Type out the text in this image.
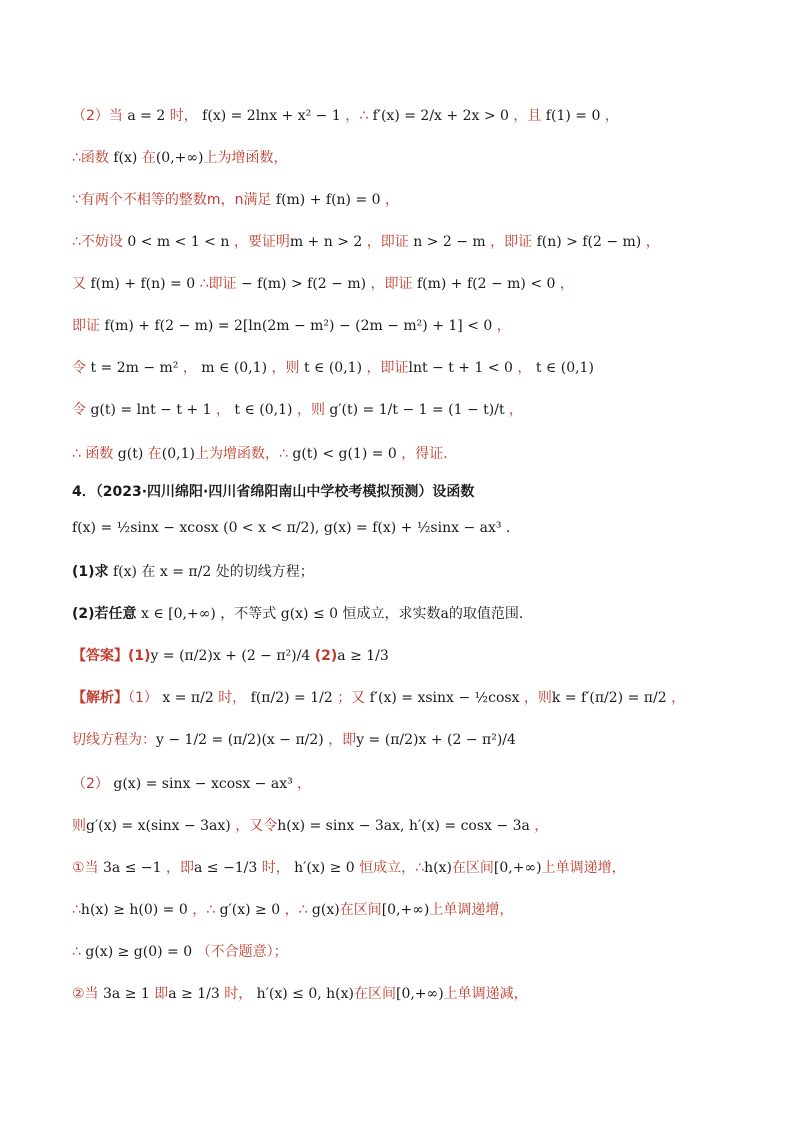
（2）当 a = 2 时， f(x) = 2lnx + x² − 1 ，∴ f′(x) = 2/x + 2x > 0 ，且 f(1) = 0 ，
∴函数 f(x) 在(0,+∞)上为增函数，
∵有两个不相等的整数m，n满足 f(m) + f(n) = 0 ，
∴不妨设 0 < m < 1 < n ，要证明m + n > 2 ，即证 n > 2 − m ，即证 f(n) > f(2 − m) ，
又 f(m) + f(n) = 0 ∴即证 − f(m) > f(2 − m) ，即证 f(m) + f(2 − m) < 0 ，
即证 f(m) + f(2 − m) = 2[ln(2m − m²) − (2m − m²) + 1] < 0 ，
令 t = 2m − m² ， m ∈ (0,1) ，则 t ∈ (0,1) ，即证lnt − t + 1 < 0 ， t ∈ (0,1)
令 g(t) = lnt − t + 1 ， t ∈ (0,1) ，则 g′(t) = 1/t − 1 = (1 − t)/t ，
∴ 函数 g(t) 在(0,1)上为增函数，∴ g(t) < g(1) = 0 ，得证．
4．（2023·四川绵阳·四川省绵阳南山中学校考模拟预测）设函数
f(x) = ½sinx − xcosx (0 < x < π/2), g(x) = f(x) + ½sinx − ax³ ．
(1)求 f(x) 在 x = π/2 处的切线方程；
(2)若任意 x ∈ [0,+∞) ，不等式 g(x) ≤ 0 恒成立，求实数a的取值范围．
【答案】(1)y = (π/2)x + (2 − π²)/4 (2)a ≥ 1/3
【解析】（1） x = π/2 时， f(π/2) = 1/2 ；又 f′(x) = xsinx − ½cosx ，则k = f′(π/2) = π/2 ，
切线方程为：y − 1/2 = (π/2)(x − π/2) ，即y = (π/2)x + (2 − π²)/4
（2） g(x) = sinx − xcosx − ax³ ，
则g′(x) = x(sinx − 3ax) ，又令h(x) = sinx − 3ax, h′(x) = cosx − 3a ，
①当 3a ≤ −1 ，即a ≤ −1/3 时， h′(x) ≥ 0 恒成立，∴h(x)在区间[0,+∞)上单调递增，
∴h(x) ≥ h(0) = 0 ，∴ g′(x) ≥ 0 ，∴ g(x)在区间[0,+∞)上单调递增，
∴ g(x) ≥ g(0) = 0 （不合题意）；
②当 3a ≥ 1 即a ≥ 1/3 时， h′(x) ≤ 0, h(x)在区间[0,+∞)上单调递减，
